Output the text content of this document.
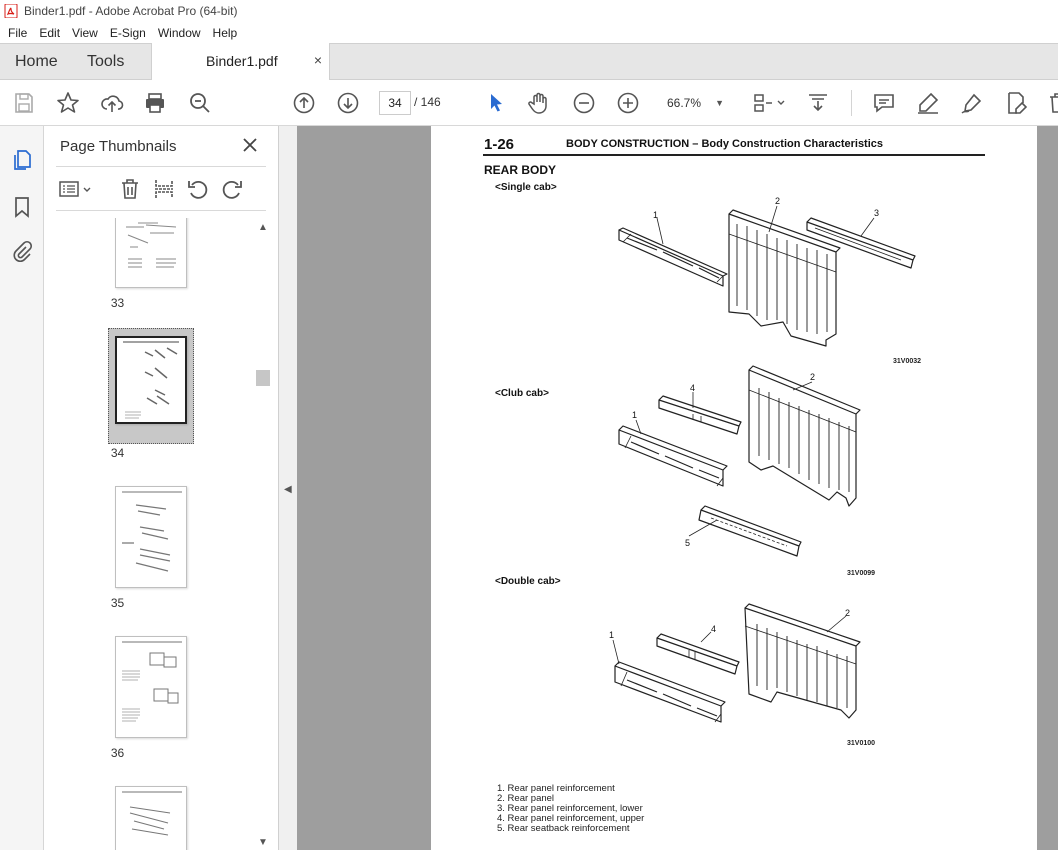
Binder1.pdf - Adobe Acrobat Pro (64-bit)
File	Edit	View	E-Sign	Window	Help
Home Tools	Binder1.pdf	×
34
/ 146	66.7% ▼
Page Thumbnails
33
34
35
36
▲
▼
◀
1-26	BODY CONSTRUCTION – Body Construction Characteristics
REAR BODY
<Single cab>
1
2
3
31V0032
<Club cab>	4
2
1
5
31V0099
<Double cab>
1
4
2
31V0100
1. Rear panel reinforcement
2. Rear panel
3. Rear panel reinforcement, lower
4. Rear panel reinforcement, upper
5. Rear seatback reinforcement
